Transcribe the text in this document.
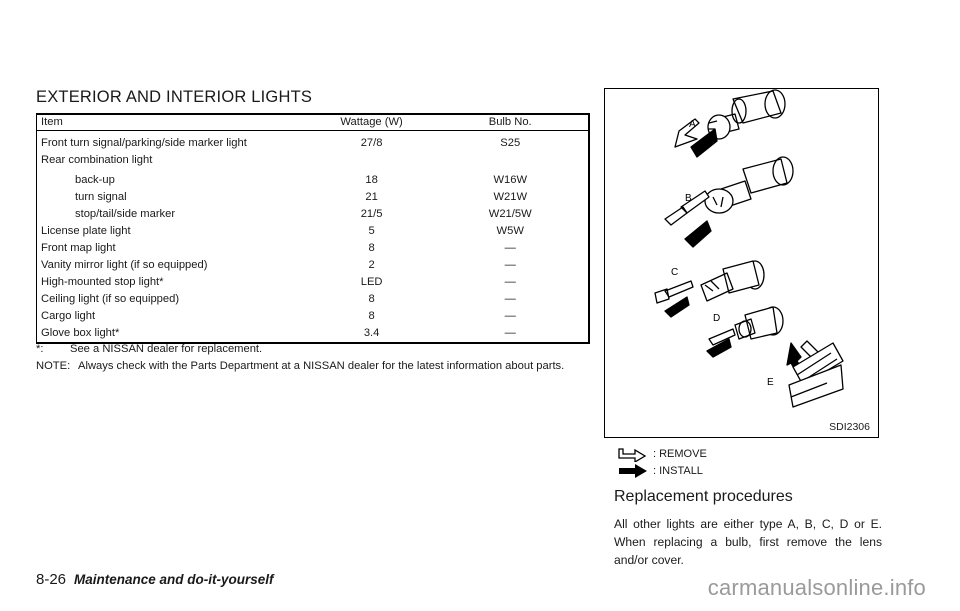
EXTERIOR AND INTERIOR LIGHTS
Item	Wattage (W)	Bulb No.
Front turn signal/parking/side marker light	27/8	S25
Rear combination light		
back-up	18	W16W
turn signal	21	W21W
stop/tail/side marker	21/5	W21/5W
License plate light	5	W5W
Front map light	8	—
Vanity mirror light (if so equipped)	2	—
High-mounted stop light*	LED	—
Ceiling light (if so equipped)	8	—
Cargo light	8	—
Glove box light*	3.4	—

*: See a NISSAN dealer for replacement.

NOTE: Always check with the Parts Department at a NISSAN dealer for the latest information about parts.

A
B
C
D
E
SDI2306
: REMOVE
: INSTALL
Replacement procedures

All other lights are either type A, B, C, D or E. When replacing a bulb, first remove the lens and/or cover.

8-26 Maintenance and do-it-yourself	carmanualsonline.info
